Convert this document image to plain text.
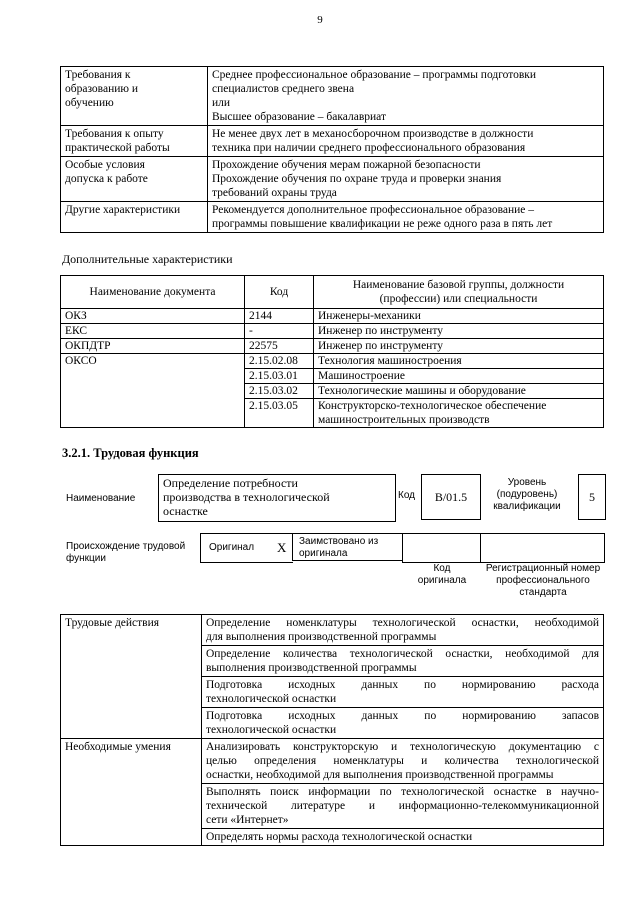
9
Требования к
образованию и
обучению	Среднее профессиональное образование – программы подготовки
специалистов среднего звена
или
Высшее образование – бакалавриат

Требования к опыту
практической работы	Не менее двух лет в механосборочном производстве в должности
техника при наличии среднего профессионального образования

Особые условия
допуска к работе	Прохождение обучения мерам пожарной безопасности
Прохождение обучения по охране труда и проверки знания
требований охраны труда

Другие характеристики	Рекомендуется дополнительное профессиональное образование –
программы повышение квалификации не реже одного раза в пять лет
Дополнительные характеристики
Наименование документа	Код	Наименование базовой группы, должности
(профессии) или специальности

ОКЗ	2144	Инженеры-механики
ЕКС	-	Инженер по инструменту
ОКПДТР	22575	Инженер по инструменту
ОКСО	2.15.02.08	Технология машиностроения
	2.15.03.01	Машиностроение
	2.15.03.02	Технологические машины и оборудование
	2.15.03.05	Конструкторско-технологическое обеспечение
машиностроительных производств
3.2.1. Трудовая функция
Наименование
Определение потребности
производства в технологической
оснастке
Код	B/01.5
Уровень
(подуровень)
квалификации
5
Происхождение трудовой
функции
Оригинал X Заимствовано из
оригинала
Код
оригинала
Регистрационный номер
профессионального
стандарта
Трудовые действия	Определение номенклатуры технологической оснастки, необходимой
для выполнения производственной программы

	Определение количества технологической оснастки, необходимой для
выполнения производственной программы

	Подготовка исходных данных по нормированию расхода
технологической оснастки

	Подготовка исходных данных по нормированию запасов
технологической оснастки

Необходимые умения	Анализировать конструкторскую и технологическую документацию с
целью определения номенклатуры и количества технологической
оснастки, необходимой для выполнения производственной программы

	Выполнять поиск информации по технологической оснастке в научно-
технической литературе и информационно-телекоммуникационной
сети «Интернет»

	Определять нормы расхода технологической оснастки
